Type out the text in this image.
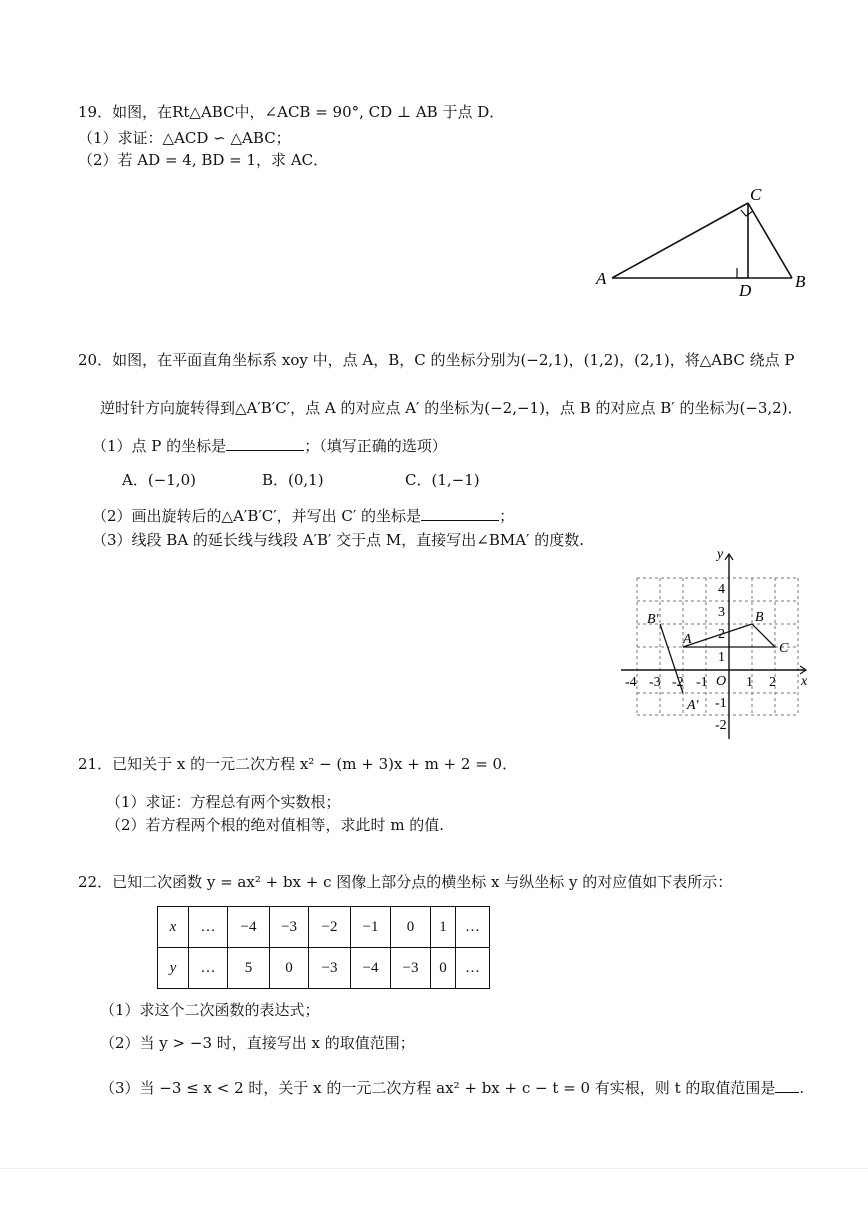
19．如图，在Rt△ABC中，∠ACB = 90°, CD ⊥ AB 于点 D．
（1）求证：△ACD ∽ △ABC；
（2）若 AD = 4, BD = 1，求 AC．
C
A	B
D
20．如图，在平面直角坐标系 xoy 中，点 A，B，C 的坐标分别为(−2,1)，(1,2)，(2,1)，将△ABC 绕点 P
逆时针方向旋转得到△A′B′C′，点 A 的对应点 A′ 的坐标为(−2,−1)，点 B 的对应点 B′ 的坐标为(−3,2)．
（1）点 P 的坐标是	；（填写正确的选项）
A．(−1,0)	B．(0,1)	C．(1,−1)
（2）画出旋转后的△A′B′C′，并写出 C′ 的坐标是	；
（3）线段 BA 的延长线与线段 A′B′ 交于点 M，直接写出∠BMA′ 的度数.
x
y
O
-4 -3 -2 -1	1 2
4
3
2
1
-1
-2
A
B
C
B′
A′
21．已知关于 x 的一元二次方程 x² − (m + 3)x + m + 2 = 0．
（1）求证：方程总有两个实数根；
（2）若方程两个根的绝对值相等，求此时 m 的值.
22．已知二次函数 y = ax² + bx + c 图像上部分点的横坐标 x 与纵坐标 y 的对应值如下表所示：
x	…	−4	−3	−2	−1	0	1	…
y	…	5	0	−3	−4	−3	0	…
（1）求这个二次函数的表达式；
（2）当 y > −3 时，直接写出 x 的取值范围；
（3）当 −3 ≤ x < 2 时，关于 x 的一元二次方程 ax² + bx + c − t = 0 有实根，则 t 的取值范围是 .
